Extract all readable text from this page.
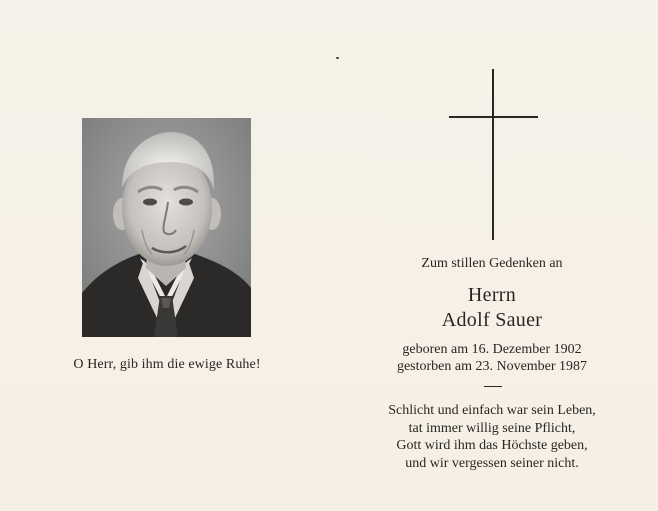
O Herr, gib ihm die ewige Ruhe!
Zum stillen Gedenken an
Herrn
Adolf Sauer
geboren am 16. Dezember 1902
gestorben am 23. November 1987
Schlicht und einfach war sein Leben,
tat immer willig seine Pflicht,
Gott wird ihm das Höchste geben,
und wir vergessen seiner nicht.
